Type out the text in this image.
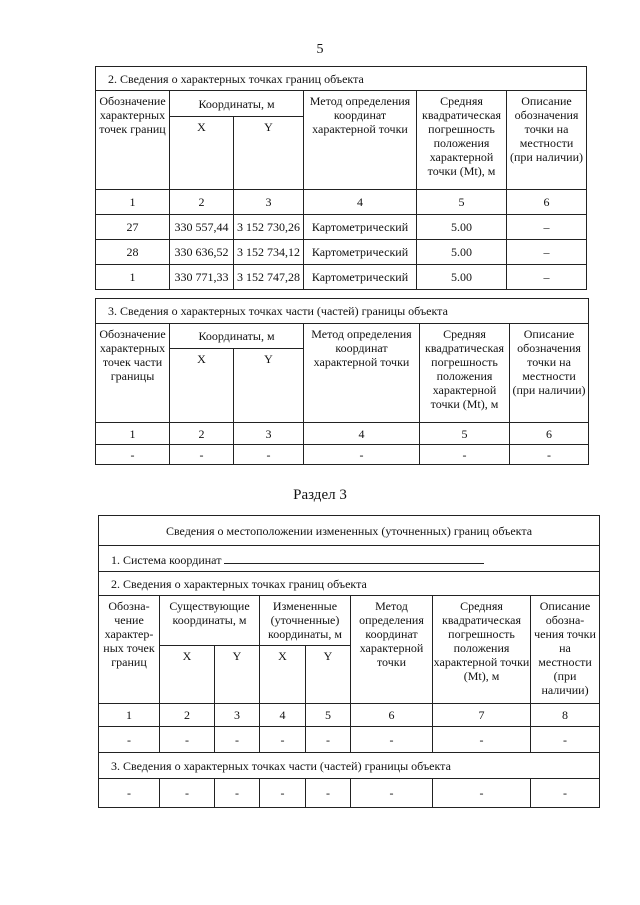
5
2. Сведения о характерных точках границ объекта					
Обозначение характерных точек границ	Координаты, м		Метод определения координат характерной точки	Средняя квадратическая погрешность положения характерной точки (Mt), м	Описание обозначения точки на местности (при наличии)
	X	Y			
1	2	3	4	5	6
27	330 557,44	3 152 730,26	Картометрический	5.00	–
28	330 636,52	3 152 734,12	Картометрический	5.00	–
1	330 771,33	3 152 747,28	Картометрический	5.00	–
3. Сведения о характерных точках части (частей) границы объекта					
Обозначение характерных точек части границы	Координаты, м		Метод определения координат характерной точки	Средняя квадратическая погрешность положения характерной точки (Mt), м	Описание обозначения точки на местности (при наличии)
	X	Y			
1	2	3	4	5	6
-	-	-	-	-	-
Раздел 3
Сведения о местоположении измененных (уточненных) границ объекта							
1. Система координат							
2. Сведения о характерных точках границ объекта							
Обозна-чение характер-ных точек границ	Существующие координаты, м		Измененные (уточненные) координаты, м		Метод определения координат характерной точки	Средняя квадратическая погрешность положения характерной точки (Mt), м	Описание обозна-чения точки на местности (при наличии)
	X	Y	X	Y			
1	2	3	4	5	6	7	8
-	-	-	-	-	-	-	-
3. Сведения о характерных точках части (частей) границы объекта							
-	-	-	-	-	-	-	-
